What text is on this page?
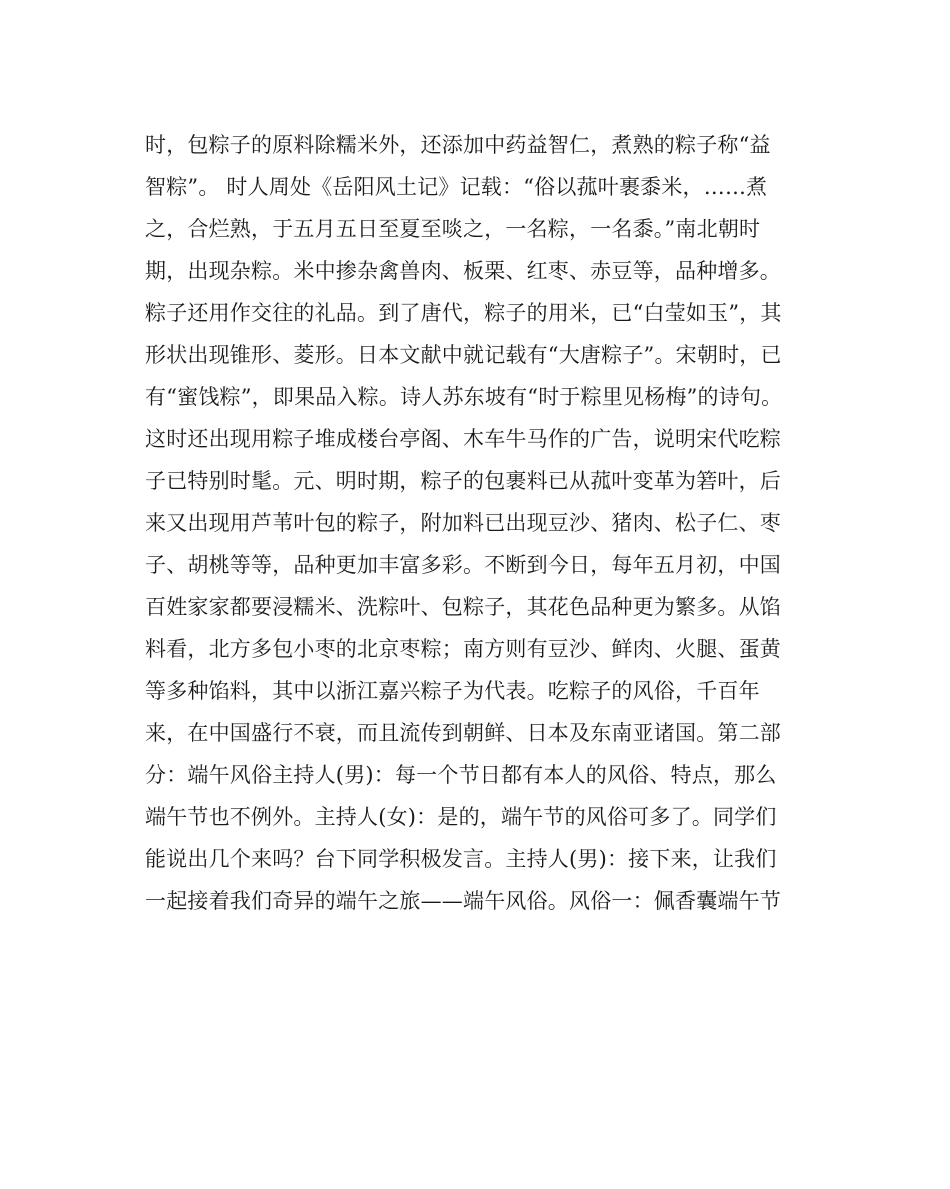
时，包粽子的原料除糯米外，还添加中药益智仁，煮熟的粽子称“益
智粽”。 时人周处《岳阳风土记》记载：“俗以菰叶裹黍米，……煮
之，合烂熟，于五月五日至夏至啖之，一名粽，一名黍。”南北朝时
期，出现杂粽。米中掺杂禽兽肉、板栗、红枣、赤豆等，品种增多。
粽子还用作交往的礼品。到了唐代，粽子的用米，已“白莹如玉”，其
形状出现锥形、菱形。日本文献中就记载有“大唐粽子”。宋朝时，已
有“蜜饯粽”，即果品入粽。诗人苏东坡有“时于粽里见杨梅”的诗句。
这时还出现用粽子堆成楼台亭阁、木车牛马作的广告，说明宋代吃粽
子已特别时髦。元、明时期，粽子的包裹料已从菰叶变革为箬叶，后
来又出现用芦苇叶包的粽子，附加料已出现豆沙、猪肉、松子仁、枣
子、胡桃等等，品种更加丰富多彩。不断到今日，每年五月初，中国
百姓家家都要浸糯米、洗粽叶、包粽子，其花色品种更为繁多。从馅
料看，北方多包小枣的北京枣粽；南方则有豆沙、鲜肉、火腿、蛋黄
等多种馅料，其中以浙江嘉兴粽子为代表。吃粽子的风俗，千百年
来，在中国盛行不衰，而且流传到朝鲜、日本及东南亚诸国。第二部
分：端午风俗主持人(男)：每一个节日都有本人的风俗、特点，那么
端午节也不例外。主持人(女)：是的，端午节的风俗可多了。同学们
能说出几个来吗？台下同学积极发言。主持人(男)：接下来，让我们
一起接着我们奇异的端午之旅——端午风俗。风俗一：佩香囊端午节
